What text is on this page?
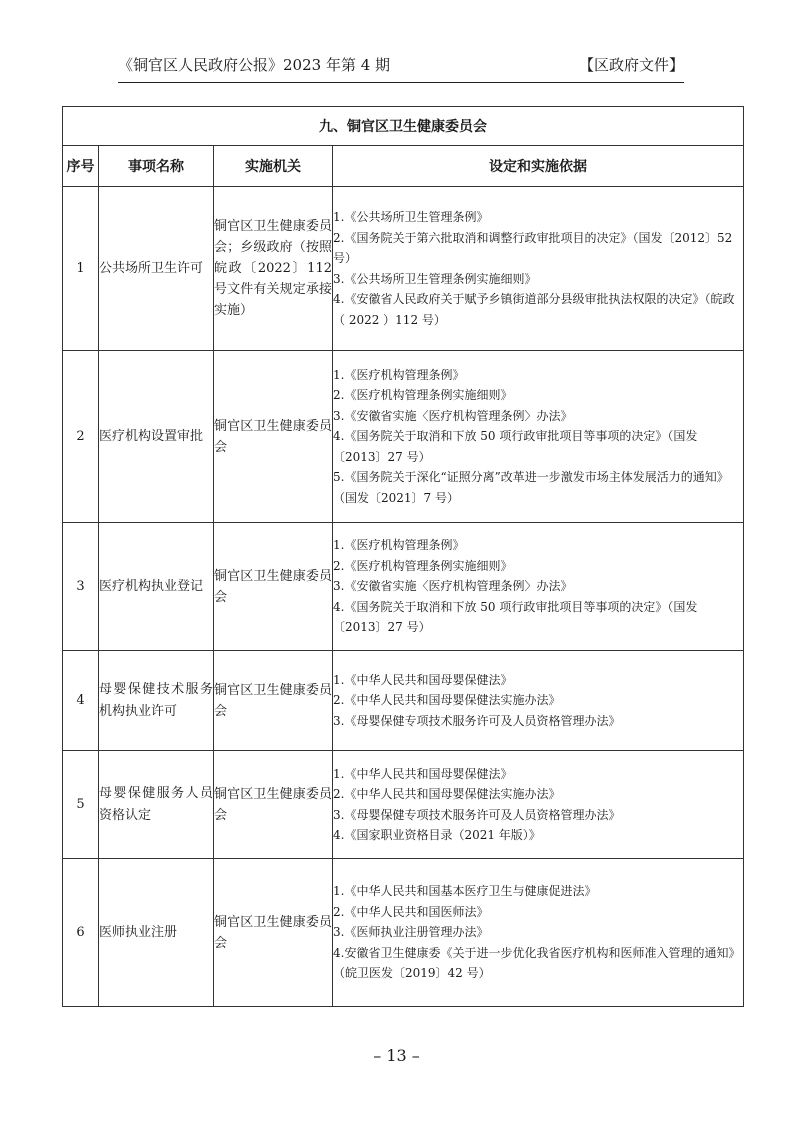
《铜官区人民政府公报》2023 年第 4 期	【区政府文件】
九、铜官区卫生健康委员会			
序号	事项名称	实施机关	设定和实施依据
1	公共场所卫生许可	铜官区卫生健康委员会；乡级政府（按照皖政〔2022〕112 号文件有关规定承接实施）	1.《公共场所卫生管理条例》
2.《国务院关于第六批取消和调整行政审批项目的决定》（国发〔2012〕52 号）
3.《公共场所卫生管理条例实施细则》
4.《安徽省人民政府关于赋予乡镇街道部分县级审批执法权限的决定》（皖政（ 2022 ）112 号）

2	医疗机构设置审批	铜官区卫生健康委员会	1.《医疗机构管理条例》
2.《医疗机构管理条例实施细则》
3.《安徽省实施〈医疗机构管理条例〉办法》
4.《国务院关于取消和下放 50 项行政审批项目等事项的决定》（国发〔2013〕27 号）
5.《国务院关于深化“证照分离”改革进一步激发市场主体发展活力的通知》（国发〔2021〕7 号）

3	医疗机构执业登记	铜官区卫生健康委员会	1.《医疗机构管理条例》
2.《医疗机构管理条例实施细则》
3.《安徽省实施〈医疗机构管理条例〉办法》
4.《国务院关于取消和下放 50 项行政审批项目等事项的决定》（国发〔2013〕27 号）

4	母婴保健技术服务机构执业许可	铜官区卫生健康委员会	1.《中华人民共和国母婴保健法》
2.《中华人民共和国母婴保健法实施办法》
3.《母婴保健专项技术服务许可及人员资格管理办法》

5	母婴保健服务人员资格认定	铜官区卫生健康委员会	1.《中华人民共和国母婴保健法》
2.《中华人民共和国母婴保健法实施办法》
3.《母婴保健专项技术服务许可及人员资格管理办法》
4.《国家职业资格目录（2021 年版）》

6	医师执业注册	铜官区卫生健康委员会	1.《中华人民共和国基本医疗卫生与健康促进法》
2.《中华人民共和国医师法》
3.《医师执业注册管理办法》
4.安徽省卫生健康委《关于进一步优化我省医疗机构和医师准入管理的通知》（皖卫医发〔2019〕42 号）
– 13 –
